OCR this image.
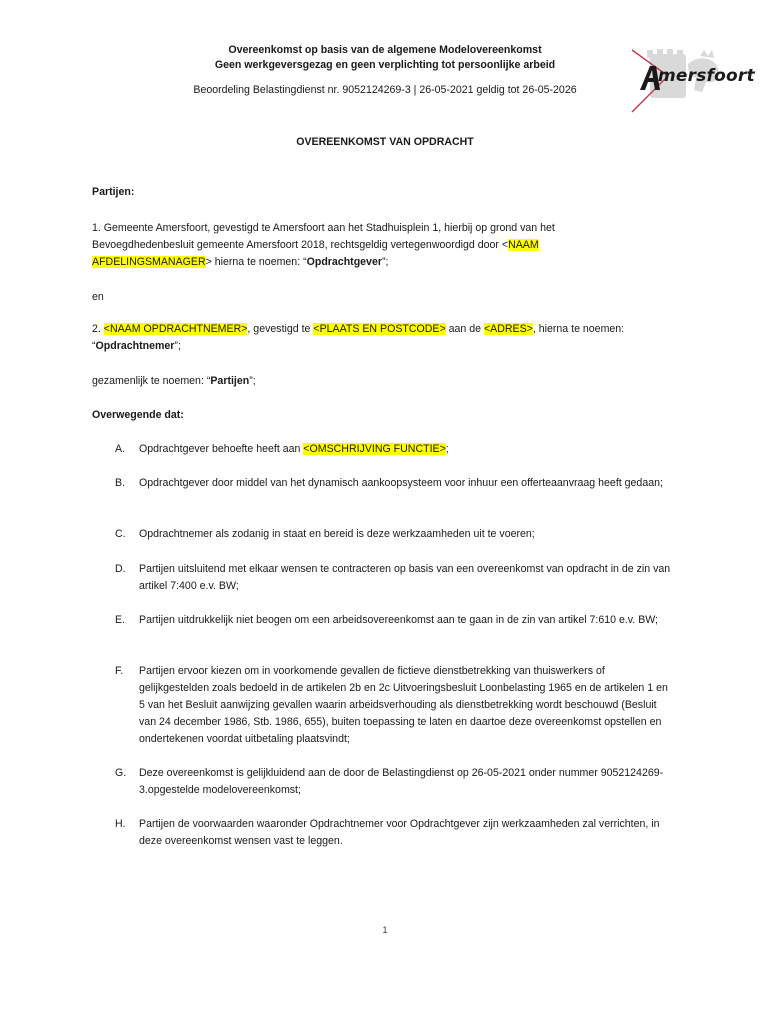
Overeenkomst op basis van de algemene Modelovereenkomst
Geen werkgeversgezag en geen verplichting tot persoonlijke arbeid
Beoordeling Belastingdienst nr. 9052124269-3 | 26-05-2021 geldig tot 26-05-2026
mersfoort
OVEREENKOMST VAN OPDRACHT
Partijen:
1. Gemeente Amersfoort, gevestigd te Amersfoort aan het Stadhuisplein 1, hierbij op grond van het
Bevoegdhedenbesluit gemeente Amersfoort 2018, rechtsgeldig vertegenwoordigd door <NAAM
AFDELINGSMANAGER> hierna te noemen: “Opdrachtgever”;
en
2. <NAAM OPDRACHTNEMER>, gevestigd te <PLAATS EN POSTCODE> aan de <ADRES>, hierna te noemen:
“Opdrachtnemer”;
gezamenlijk te noemen: “Partijen”;
Overwegende dat:
A.	Opdrachtgever behoefte heeft aan <OMSCHRIJVING FUNCTIE>;
B.	Opdrachtgever door middel van het dynamisch aankoopsysteem voor inhuur een offerteaanvraag heeft gedaan;
C.	Opdrachtnemer als zodanig in staat en bereid is deze werkzaamheden uit te voeren;
D.	Partijen uitsluitend met elkaar wensen te contracteren op basis van een overeenkomst van opdracht in de zin van artikel 7:400 e.v. BW;
E.	Partijen uitdrukkelijk niet beogen om een arbeidsovereenkomst aan te gaan in de zin van artikel 7:610 e.v. BW;
F.	Partijen ervoor kiezen om in voorkomende gevallen de fictieve dienstbetrekking van thuiswerkers of gelijkgestelden zoals bedoeld in de artikelen 2b en 2c Uitvoeringsbesluit Loonbelasting 1965 en de artikelen 1 en 5 van het Besluit aanwijzing gevallen waarin arbeidsverhouding als dienstbetrekking wordt beschouwd (Besluit van 24 december 1986, Stb. 1986, 655), buiten toepassing te laten en daartoe deze overeenkomst opstellen en ondertekenen voordat uitbetaling plaatsvindt;
G.	Deze overeenkomst is gelijkluidend aan de door de Belastingdienst op 26-05-2021 onder nummer 9052124269-3.opgestelde modelovereenkomst;
H.	Partijen de voorwaarden waaronder Opdrachtnemer voor Opdrachtgever zijn werkzaamheden zal verrichten, in deze overeenkomst wensen vast te leggen.
1
